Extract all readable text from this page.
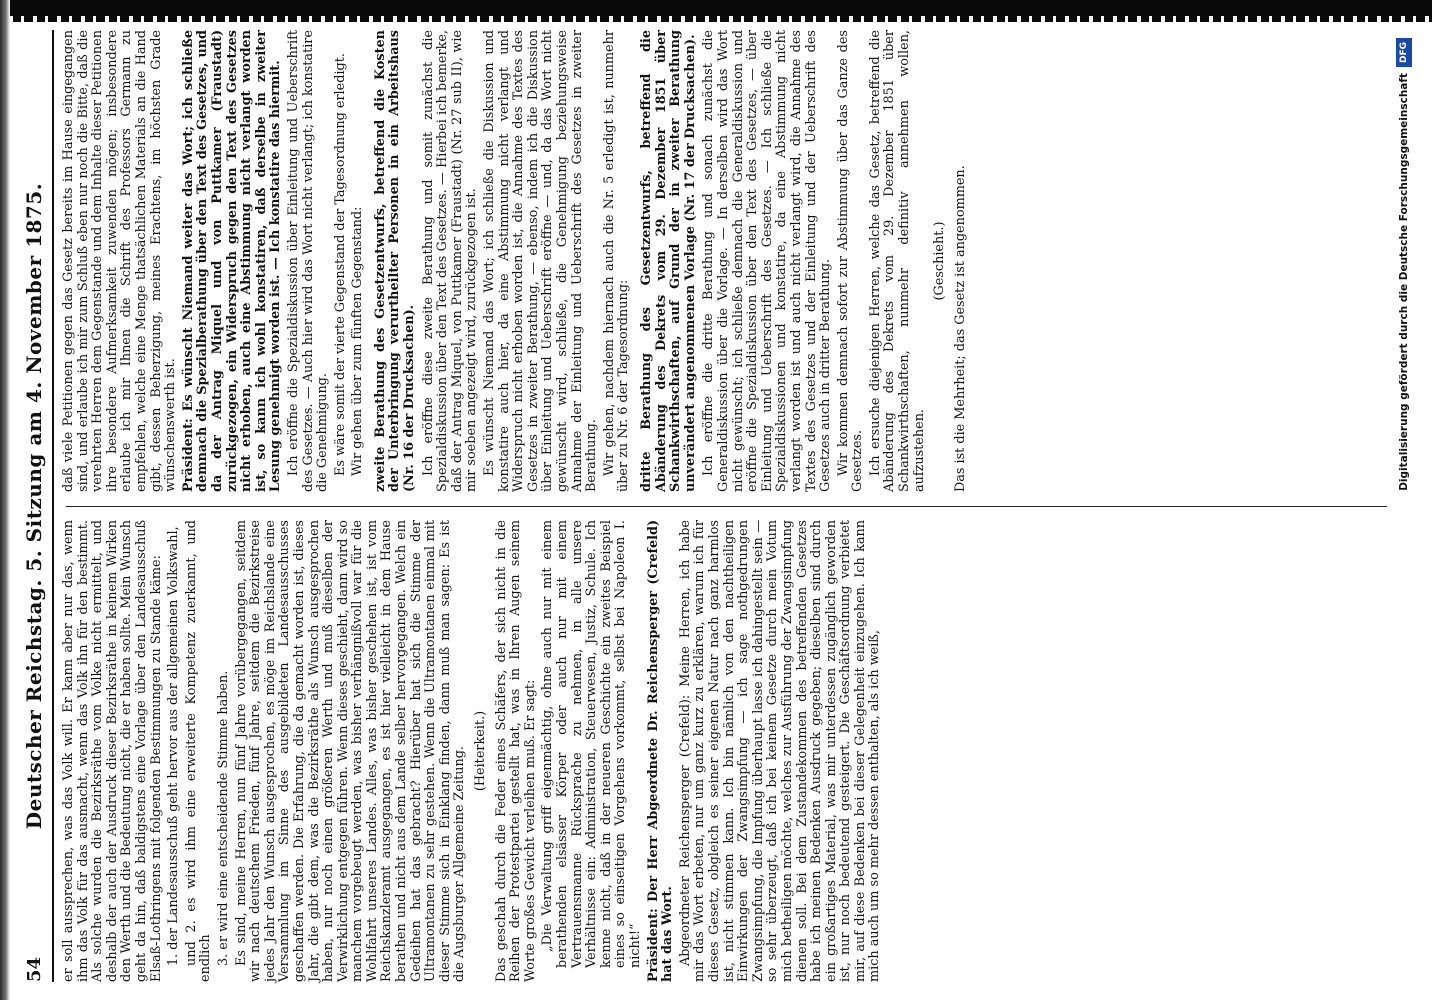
54
Deutscher Reichstag. 5. Sitzung am 4. November 1875. er soll aussprechen, was das Volk will. Er kann aber nur das, wenn ihm das Volk für das ausmacht, wenn das Volk ihn für den bestimmt. Als solche wurden die Bezirksräthe vom Volke nicht ermittelt, und deshalb der auch der Ausdruck dieser Bezirksräthe in keinem Wirken den Werth und die Bedeutung nicht, die er haben sollte. Mein Wunsch geht da hin, daß baldigstens eine Vorlage über den Landesausschuß Elsaß-Lothringens mit folgenden Bestimmungen zu Stande käme: 1. der Landesausschuß geht hervor aus der allgemeinen Volkswahl, und 2. es wird ihm eine erweiterte Kompetenz zuerkannt, und endlich 3. er wird eine entscheidende Stimme haben. Es sind, meine Herren, nun fünf Jahre vorübergegangen, seitdem wir nach deutschem Frieden, fünf Jahre, seitdem die Bezirkstreise jedes Jahr den Wunsch ausgesprochen, es möge im Reichslande eine Versammlung im Sinne des ausgebildeten Landesausschusses geschaffen werden. Die Erfahrung, die da gemacht worden ist, dieses Jahr, die gibt dem, was die Bezirksräthe als Wunsch ausgesprochen haben, nur noch einen größeren Werth und muß dieselben der Verwirklichung entgegen führen. Wenn dieses geschieht, dann wird so manchem vorgebeugt werden, was bisher verhängnißvoll war für die Wohlfahrt unseres Landes. Alles, was bisher geschehen ist, ist vom Reichskanzleramt ausgegangen, es ist hier vielleicht in dem Hause berathen und nicht aus dem Lande selber hervorgegangen. Welch ein Gedeihen hat das gebracht? Hierüber hat sich die Stimme der Ultramontanen zu sehr gestehen. Wenn die Ultramontanen einmal mit dieser Stimme sich in Einklang finden, dann muß man sagen: Es ist die Augsburger Allgemeine Zeitung. (Heiterkeit.) Das geschah durch die Feder eines Schäfers, der sich nicht in die Reihen der Protestpartei gestellt hat, was in Ihren Augen seinem Worte großes Gewicht verleihen muß. Er sagt: „Die Verwaltung griff eigenmächtig, ohne auch nur mit einem berathenden elsässer Körper oder auch nur mit einem Vertrauensmanne Rücksprache zu nehmen, in alle unsere Verhältnisse ein: Administration, Steuerwesen, Justiz, Schule. Ich kenne nicht, daß in der neueren Geschichte ein zweites Beispiel eines so einseitigen Vorgehens vorkommt, selbst bei Napoleon I. nicht!“ Präsident: Der Herr Abgeordnete Dr. Reichensperger (Crefeld) hat das Wort. Abgeordneter Reichensperger (Crefeld): Meine Herren, ich habe mir das Wort erbeten, nur um ganz kurz zu erklären, warum ich für dieses Gesetz, obgleich es seiner eigenen Natur nach ganz harmlos ist, nicht stimmen kann. Ich bin nämlich von den nachtheiligen Einwirkungen der Zwangsimpfung — ich sage nothgedrungen Zwangsimpfung, die Impfung überhaupt lasse ich dahingestellt sein — so sehr überzeugt, daß ich bei keinem Gesetze durch mein Votum mich betheiligen möchte, welches zur Ausführung der Zwangsimpfung dienen soll. Bei dem Zustandekommen des betreffenden Gesetzes habe ich meinen Bedenken Ausdruck gegeben; dieselben sind durch ein großartiges Material, was mir unterdessen zugänglich geworden ist, nur noch bedeutend gesteigert. Die Geschäftsordnung verbietet mir, auf diese Bedenken bei dieser Gelegenheit einzugehen. Ich kann mich auch um so mehr dessen enthalten, als ich weiß,

daß viele Petitionen gegen das Gesetz bereits im Hause eingegangen sind, und erlaube ich mir zum Schluß eben nur noch die Bitte, daß die verehrten Herren dem Gegenstande und dem Inhalte dieser Petitionen ihre besondere Aufmerksamkeit zuwenden mögen; insbesondere erlaube ich mir Ihnen die Schrift des Professors Germann zu empfehlen, welche eine Menge thatsächlichen Materials an die Hand gibt, dessen Beherzigung, meines Erachtens, im höchsten Grade wünschenswerth ist. Präsident: Es wünscht Niemand weiter das Wort; ich schließe demnach die Spezialberathung über den Text des Gesetzes, und da der Antrag Miquel und von Puttkamer (Fraustadt) zurückgezogen, ein Widerspruch gegen den Text des Gesetzes nicht erhoben, auch eine Abstimmung nicht verlangt worden ist, so kann ich wohl konstatiren, daß derselbe in zweiter Lesung genehmigt worden ist. — Ich konstatire das hiermit. Ich eröffne die Spezialdiskussion über Einleitung und Ueberschrift des Gesetzes. — Auch hier wird das Wort nicht verlangt; ich konstatire die Genehmigung. Es wäre somit der vierte Gegenstand der Tagesordnung erledigt. Wir gehen über zum fünften Gegenstand: zweite Berathung des Gesetzentwurfs, betreffend die Kosten der Unterbringung verurtheilter Personen in ein Arbeitshaus (Nr. 16 der Drucksachen). Ich eröffne diese zweite Berathung und somit zunächst die Spezialdiskussion über den Text des Gesetzes. — Hierbei ich bemerke, daß der Antrag Miquel, von Puttkamer (Fraustadt) (Nr. 27 sub II), wie mir soeben angezeigt wird, zurückgezogen ist. Es wünscht Niemand das Wort; ich schließe die Diskussion und konstatire auch hier, da eine Abstimmung nicht verlangt und Widerspruch nicht erhoben worden ist, die Annahme des Textes des Gesetzes in zweiter Berathung, — ebenso, indem ich die Diskussion über Einleitung und Ueberschrift eröffne — und, da das Wort nicht gewünscht wird, schließe, die Genehmigung beziehungsweise Annahme der Einleitung und Ueberschrift des Gesetzes in zweiter Berathung. Wir gehen, nachdem hiernach auch die Nr. 5 erledigt ist, nunmehr über zu Nr. 6 der Tagesordnung: dritte Berathung des Gesetzentwurfs, betreffend die Abänderung des Dekrets vom 29. Dezember 1851 über Schankwirthschaften, auf Grund der in zweiter Berathung unverändert angenommenen Vorlage (Nr. 17 der Drucksachen). Ich eröffne die dritte Berathung und sonach zunächst die Generaldiskussion über die Vorlage. — In derselben wird das Wort nicht gewünscht; ich schließe demnach die Generaldiskussion und eröffne die Spezialdiskussion über den Text des Gesetzes, — über Einleitung und Ueberschrift des Gesetzes. — Ich schließe die Spezialdiskussionen und konstatire, da eine Abstimmung nicht verlangt worden ist und auch nicht verlangt wird, die Annahme des Textes des Gesetzes und der Einleitung und der Ueberschrift des Gesetzes auch in dritter Berathung. Wir kommen demnach sofort zur Abstimmung über das Ganze des Gesetzes. Ich ersuche diejenigen Herren, welche das Gesetz, betreffend die Abänderung des Dekrets vom 29. Dezember 1851 über Schankwirthschaften, nunmehr definitiv annehmen wollen, aufzustehen.

(Geschieht.) Das ist die Mehrheit; das Gesetz ist angenommen.	Digitalisierung gefördert durch die Deutsche ForschungsgemeinschaftDFG
